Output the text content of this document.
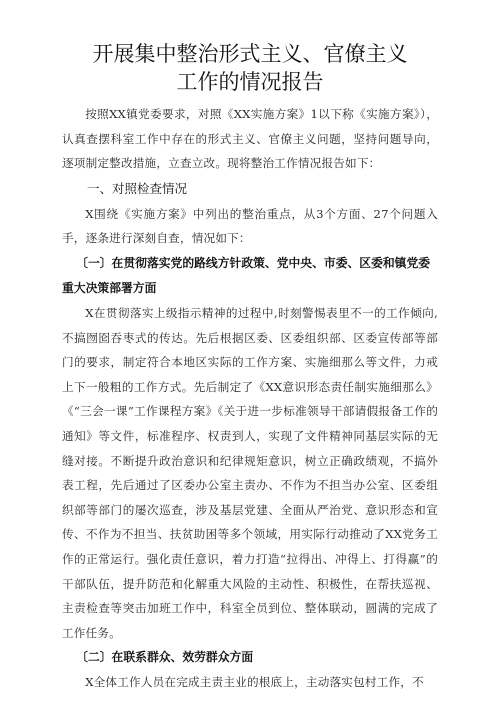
开展集中整治形式主义、官僚主义
工作的情况报告

按照XX镇党委要求，对照《XX实施方案》1以下称《实施方案》），认真查摆科室工作中存在的形式主义、官僚主义问题，坚持问题导向，逐项制定整改措施，立查立改。现将整治工作情况报告如下：

一、对照检查情况

X围绕《实施方案》中列出的整治重点，从3个方面、27个问题入手，逐条进行深刻自查，情况如下：

〔一〕在贯彻落实党的路线方针政策、党中央、市委、区委和镇党委重大决策部署方面

X在贯彻落实上级指示精神的过程中,时刻警惕表里不一的工作倾向,不搞囫囵吞枣式的传达。先后根据区委、区委组织部、区委宣传部等部门的要求，制定符合本地区实际的工作方案、实施细那么等文件，力戒上下一般粗的工作方式。先后制定了《XX意识形态责任制实施细那么》《“三会一课”工作课程方案》《关于进一步标准领导干部请假报备工作的通知》等文件，标准程序、权责到人，实现了文件精神同基层实际的无缝对接。不断提升政治意识和纪律规矩意识，树立正确政绩观，不搞外表工程，先后通过了区委办公室主责办、不作为不担当办公室、区委组织部等部门的屡次巡查，涉及基层党建、全面从严治党、意识形态和宣传、不作为不担当、扶贫助困等多个领域，用实际行动推动了XX党务工作的正常运行。强化责任意识，着力打造“拉得出、冲得上、打得赢”的干部队伍，提升防范和化解重大风险的主动性、积极性，在帮扶巡视、主责检查等突击加班工作中，科室全员到位、整体联动，圆满的完成了工作任务。

〔二〕在联系群众、效劳群众方面

X全体工作人员在完成主责主业的根底上，主动落实包村工作，不
